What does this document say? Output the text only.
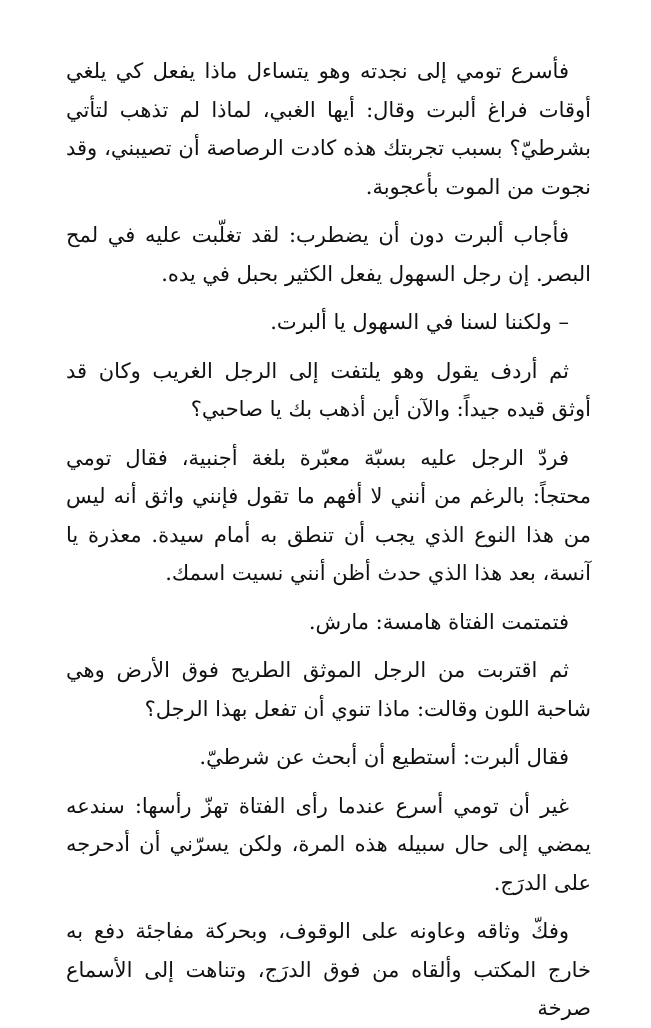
فأسرع تومي إلى نجدته وهو يتساءل ماذا يفعل كي يلغي أوقات فراغ ألبرت وقال: أيها الغبي، لماذا لم تذهب لتأتي بشرطيّ؟ بسبب تجربتك هذه كادت الرصاصة أن تصيبني، وقد نجوت من الموت بأعجوبة.

فأجاب ألبرت دون أن يضطرب: لقد تغلّبت عليه في لمح البصر. إن رجل السهول يفعل الكثير بحبل في يده.

– ولكننا لسنا في السهول يا ألبرت.

ثم أردف يقول وهو يلتفت إلى الرجل الغريب وكان قد أوثق قيده جيداً: والآن أين أذهب بك يا صاحبي؟

فردّ الرجل عليه بسبّة معبّرة بلغة أجنبية، فقال تومي محتجاً: بالرغم من أنني لا أفهم ما تقول فإنني واثق أنه ليس من هذا النوع الذي يجب أن تنطق به أمام سيدة. معذرة يا آنسة، بعد هذا الذي حدث أظن أنني نسيت اسمك.

فتمتمت الفتاة هامسة: مارش.

ثم اقتربت من الرجل الموثق الطريح فوق الأرض وهي شاحبة اللون وقالت: ماذا تنوي أن تفعل بهذا الرجل؟

فقال ألبرت: أستطيع أن أبحث عن شرطيّ.

غير أن تومي أسرع عندما رأى الفتاة تهزّ رأسها: سندعه يمضي إلى حال سبيله هذه المرة، ولكن يسرّني أن أدحرجه على الدرَج.

وفكّ وثاقه وعاونه على الوقوف، وبحركة مفاجئة دفع به خارج المكتب وألقاه من فوق الدرَج، وتناهت إلى الأسماع صرخة
